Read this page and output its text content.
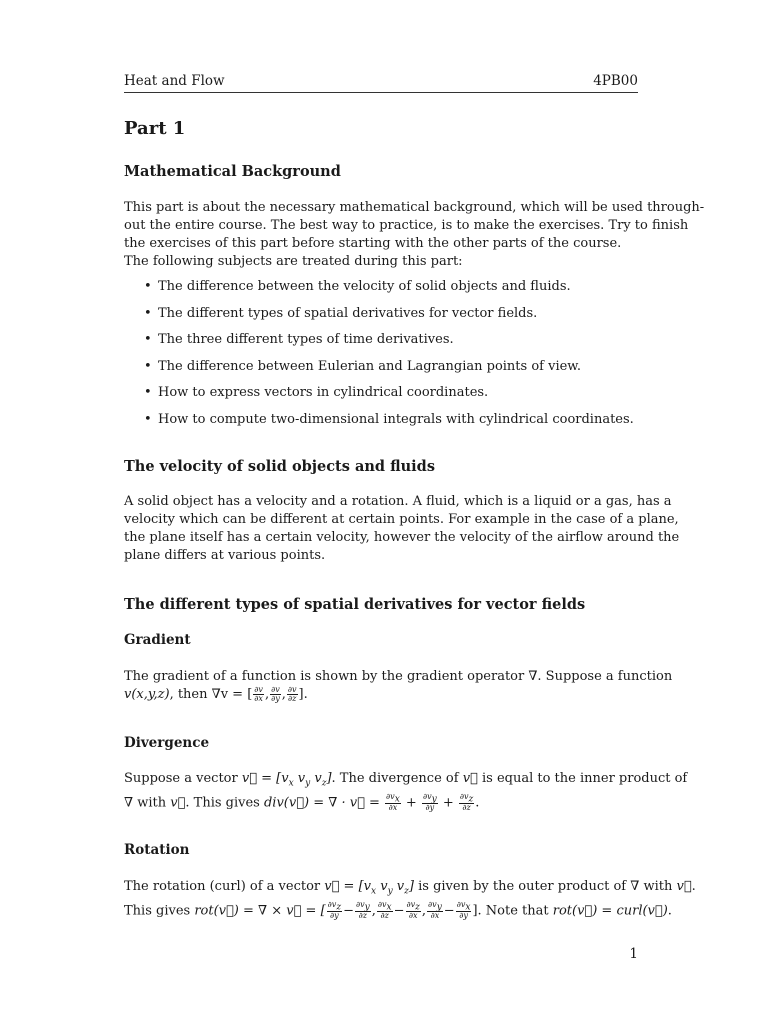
Heat and Flow	4PB00
Part 1
Mathematical Background
This part is about the necessary mathematical background, which will be used through-
out the entire course. The best way to practice, is to make the exercises. Try to finish
the exercises of this part before starting with the other parts of the course.
The following subjects are treated during this part:
• The difference between the velocity of solid objects and fluids.
• The different types of spatial derivatives for vector fields.
• The three different types of time derivatives.
• The difference between Eulerian and Lagrangian points of view.
• How to express vectors in cylindrical coordinates.
• How to compute two-dimensional integrals with cylindrical coordinates.
The velocity of solid objects and fluids
A solid object has a velocity and a rotation. A fluid, which is a liquid or a gas, has a
velocity which can be different at certain points. For example in the case of a plane,
the plane itself has a certain velocity, however the velocity of the airflow around the
plane differs at various points.
The different types of spatial derivatives for vector fields
Gradient
The gradient of a function is shown by the gradient operator ∇. Suppose a function
v(x,y,z), then ∇v = [ $\frac{\partial v}{\partial x}$ , $\frac{\partial v}{\partial y}$ , $\frac{\partial v}{\partial z}$ ].
Divergence
Suppose a vector v⃗ = [$v_x$ $v_y$ $v_z$]. The divergence of v⃗ is equal to the inner product of
∇ with v⃗. This gives div(v⃗) = ∇ · v⃗ = $\frac{\partial v_x}{\partial x} + \frac{\partial v_y}{\partial y} + \frac{\partial v_z}{\partial z}$ .
Rotation
The rotation (curl) of a vector v⃗ = [$v_x$ $v_y$ $v_z$] is given by the outer product of ∇ with v⃗.
This gives rot(v⃗) = ∇ × v⃗ = [ $\frac{\partial v_z}{\partial y} - \frac{\partial v_y}{\partial z}$ , $\frac{\partial v_x}{\partial z} - \frac{\partial v_z}{\partial x}$ , $\frac{\partial v_y}{\partial x} - \frac{\partial v_x}{\partial y}$ ]. Note that rot(v⃗) = curl(v⃗).
1
